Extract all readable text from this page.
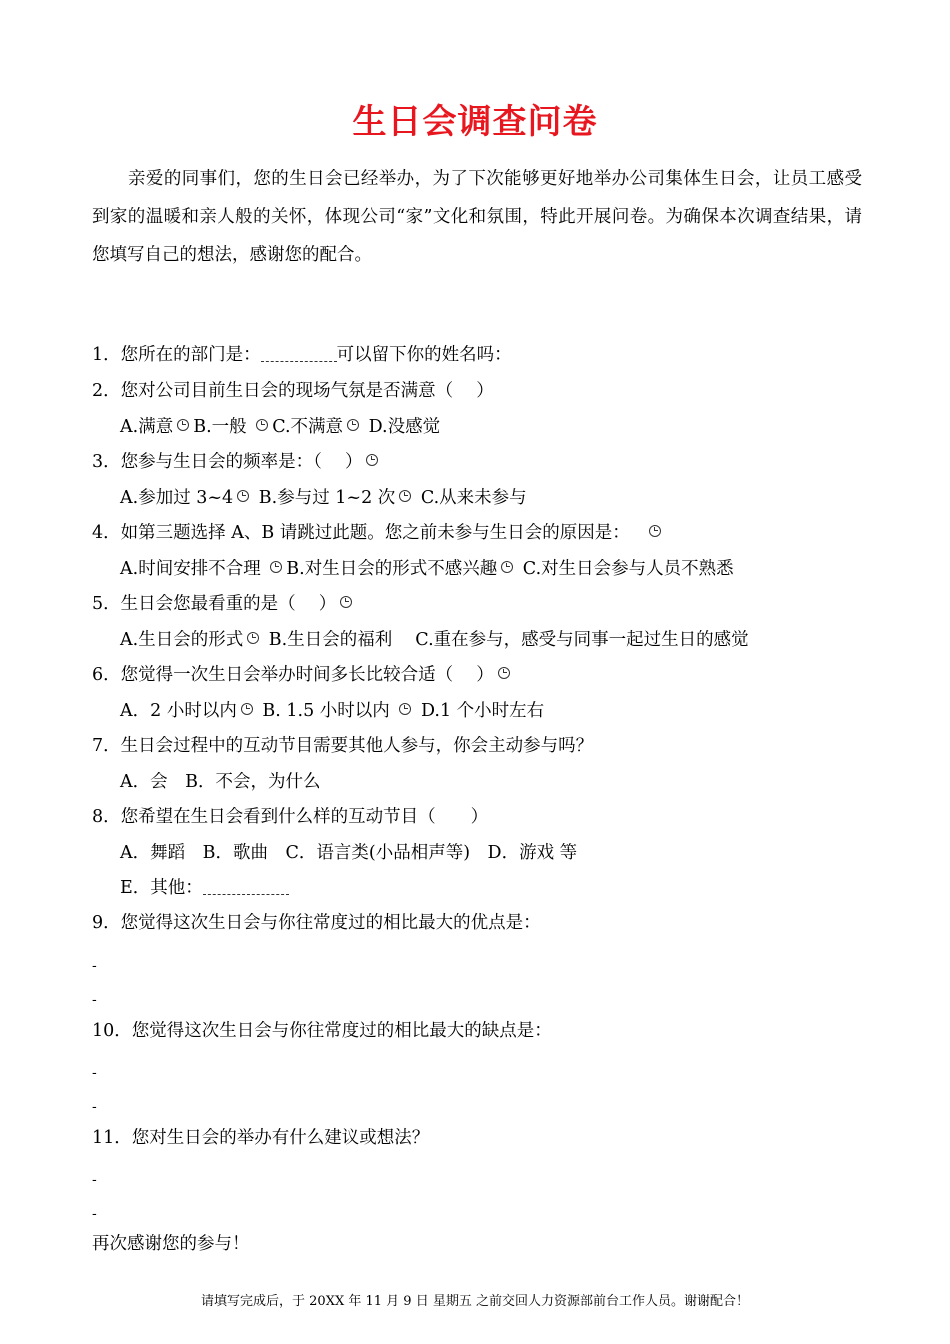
生日会调查问卷
亲爱的同事们，您的生日会已经举办，为了下次能够更好地举办公司集体生日会，让员工感受到家的温暖和亲人般的关怀，体现公司“家”文化和氛围，特此开展问卷。为确保本次调查结果，请您填写自己的想法，感谢您的配合。
1．您所在的部门是：	可以留下你的姓名吗：
2．您对公司目前生日会的现场气氛是否满意（　 ）
A.满意 B.一般 C.不满意 D.没感觉
3．您参与生日会的频率是：（　 ）
A.参加过 3~4 B.参与过 1~2 次 C.从来未参与
4．如第三题选择 A、B 请跳过此题。您之前未参与生日会的原因是：
A.时间安排不合理 B.对生日会的形式不感兴趣 C.对生日会参与人员不熟悉
5．生日会您最看重的是（　 ）
A.生日会的形式 B.生日会的福利　 C.重在参与，感受与同事一起过生日的感觉
6．您觉得一次生日会举办时间多长比较合适（　 ）
A．2 小时以内 B. 1.5 小时以内 D.1 个小时左右
7．生日会过程中的互动节目需要其他人参与，你会主动参与吗？
A．会　B．不会，为什么
8．您希望在生日会看到什么样的互动节目（　　）
A．舞蹈　B．歌曲　C．语言类(小品相声等)　D．游戏 等
E．其他：
9．您觉得这次生日会与你往常度过的相比最大的优点是：
-
-
10．您觉得这次生日会与你往常度过的相比最大的缺点是：
-
-
11．您对生日会的举办有什么建议或想法？
-
-
再次感谢您的参与！
请填写完成后，于 20XX 年 11 月 9 日 星期五 之前交回人力资源部前台工作人员。谢谢配合！
